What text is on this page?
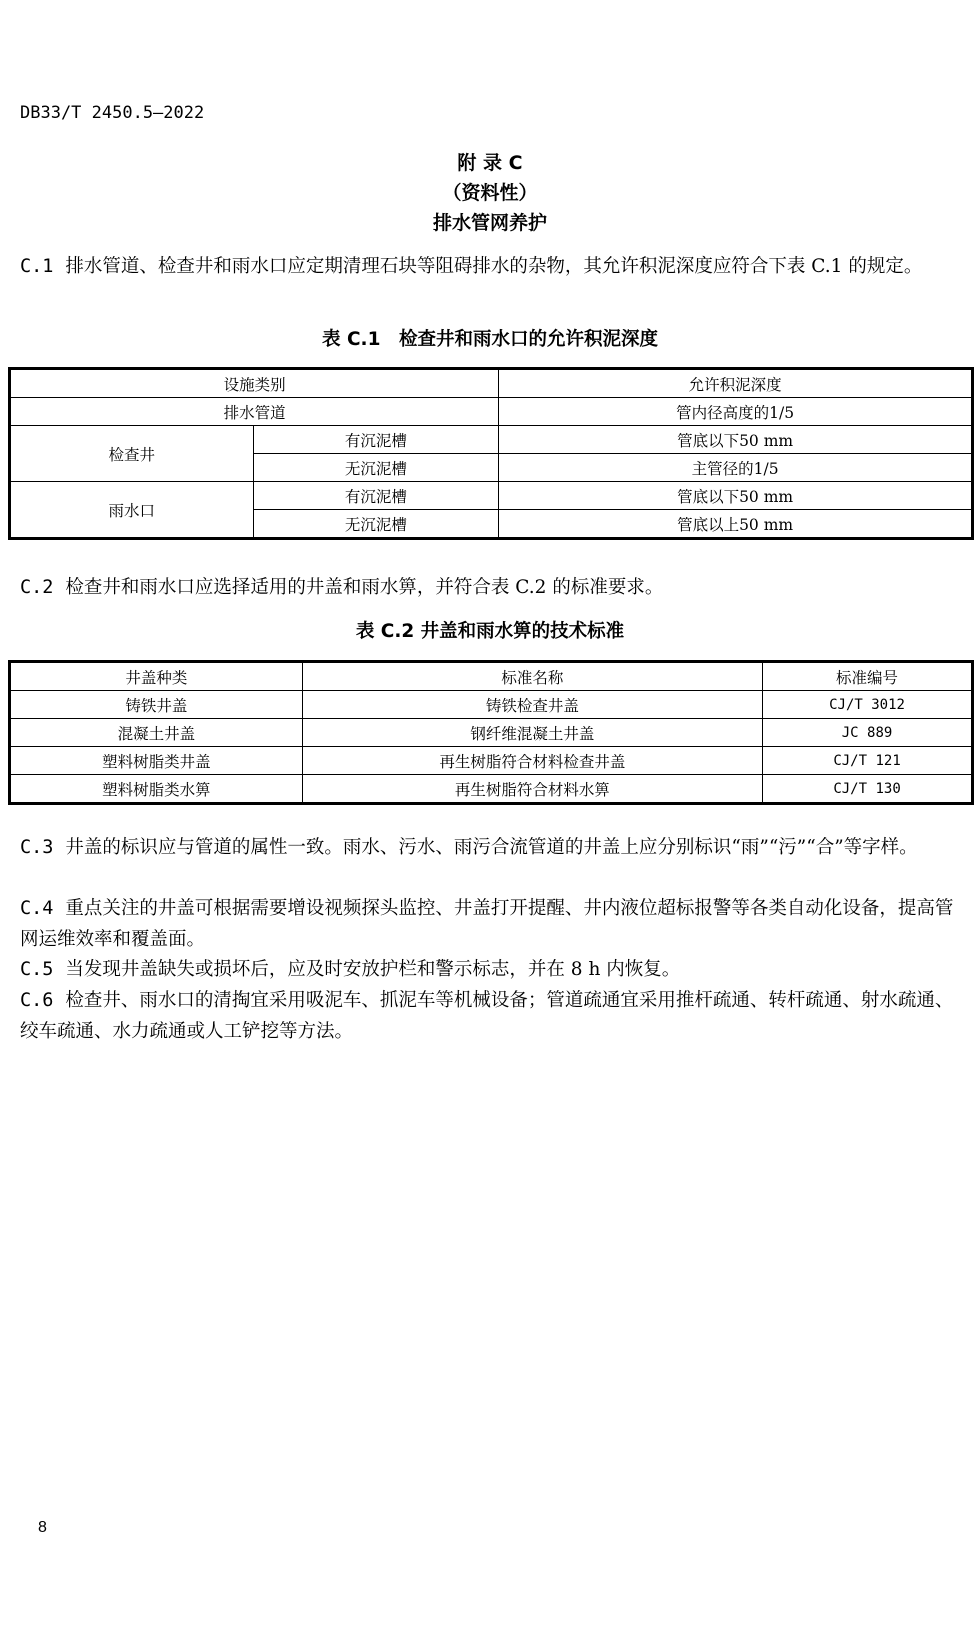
DB33/T 2450.5—2022
附 录 C
（资料性）
排水管网养护
C.1 排水管道、检查井和雨水口应定期清理石块等阻碍排水的杂物，其允许积泥深度应符合下表 C.1 的规定。
表 C.1　检查井和雨水口的允许积泥深度
设施类别		允许积泥深度
排水管道		管内径高度的1/5
检查井	有沉泥槽	管底以下50 mm
	无沉泥槽	主管径的1/5
雨水口	有沉泥槽	管底以下50 mm
	无沉泥槽	管底以上50 mm
C.2 检查井和雨水口应选择适用的井盖和雨水箅，并符合表 C.2 的标准要求。
表 C.2 井盖和雨水箅的技术标准
井盖种类	标准名称	标准编号
铸铁井盖	铸铁检查井盖	CJ/T 3012
混凝土井盖	钢纤维混凝土井盖	JC 889
塑料树脂类井盖	再生树脂符合材料检查井盖	CJ/T 121
塑料树脂类水箅	再生树脂符合材料水箅	CJ/T 130
C.3 井盖的标识应与管道的属性一致。雨水、污水、雨污合流管道的井盖上应分别标识“雨”“污”“合”等字样。
C.4 重点关注的井盖可根据需要增设视频探头监控、井盖打开提醒、井内液位超标报警等各类自动化设备，提高管网运维效率和覆盖面。
C.5 当发现井盖缺失或损坏后，应及时安放护栏和警示标志，并在 8 h 内恢复。
C.6 检查井、雨水口的清掏宜采用吸泥车、抓泥车等机械设备；管道疏通宜采用推杆疏通、转杆疏通、射水疏通、绞车疏通、水力疏通或人工铲挖等方法。
8
